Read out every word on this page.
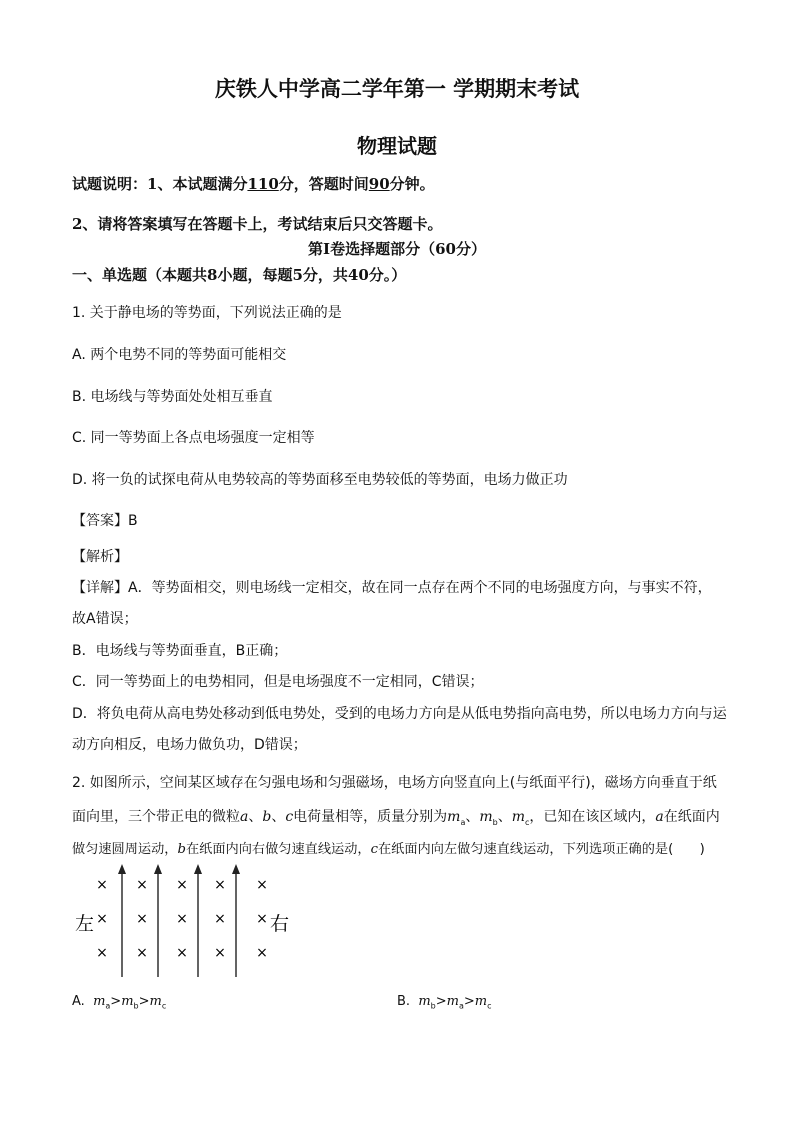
庆铁人中学高二学年第一 学期期末考试
物理试题
试题说明：1、本试题满分110分，答题时间90分钟。
2、请将答案填写在答题卡上，考试结束后只交答题卡。
第Ⅰ卷选择题部分（60分）
一、单选题（本题共8小题，每题5分，共40分。）
1. 关于静电场的等势面，下列说法正确的是
A. 两个电势不同的等势面可能相交
B. 电场线与等势面处处相互垂直
C. 同一等势面上各点电场强度一定相等
D. 将一负的试探电荷从电势较高的等势面移至电势较低的等势面，电场力做正功
【答案】B
【解析】
【详解】A．等势面相交，则电场线一定相交，故在同一点存在两个不同的电场强度方向，与事实不符，
故A错误；
B．电场线与等势面垂直，B正确；
C．同一等势面上的电势相同，但是电场强度不一定相同，C错误；
D．将负电荷从高电势处移动到低电势处，受到的电场力方向是从低电势指向高电势，所以电场力方向与运
动方向相反，电场力做负功，D错误；
2. 如图所示，空间某区域存在匀强电场和匀强磁场，电场方向竖直向上(与纸面平行)，磁场方向垂直于纸
面向里，三个带正电的微粒a、b、c电荷量相等，质量分别为$m_a$、$m_b$、$m_c$，已知在该区域内，a在纸面内
做匀速圆周运动，b在纸面内向右做匀速直线运动，c在纸面内向左做匀速直线运动，下列选项正确的是(　　)
× × × × ×
× × × × ×
× × × × ×
左	右
A. $m_a>m_b>m_c$	B. $m_b>m_a>m_c$
